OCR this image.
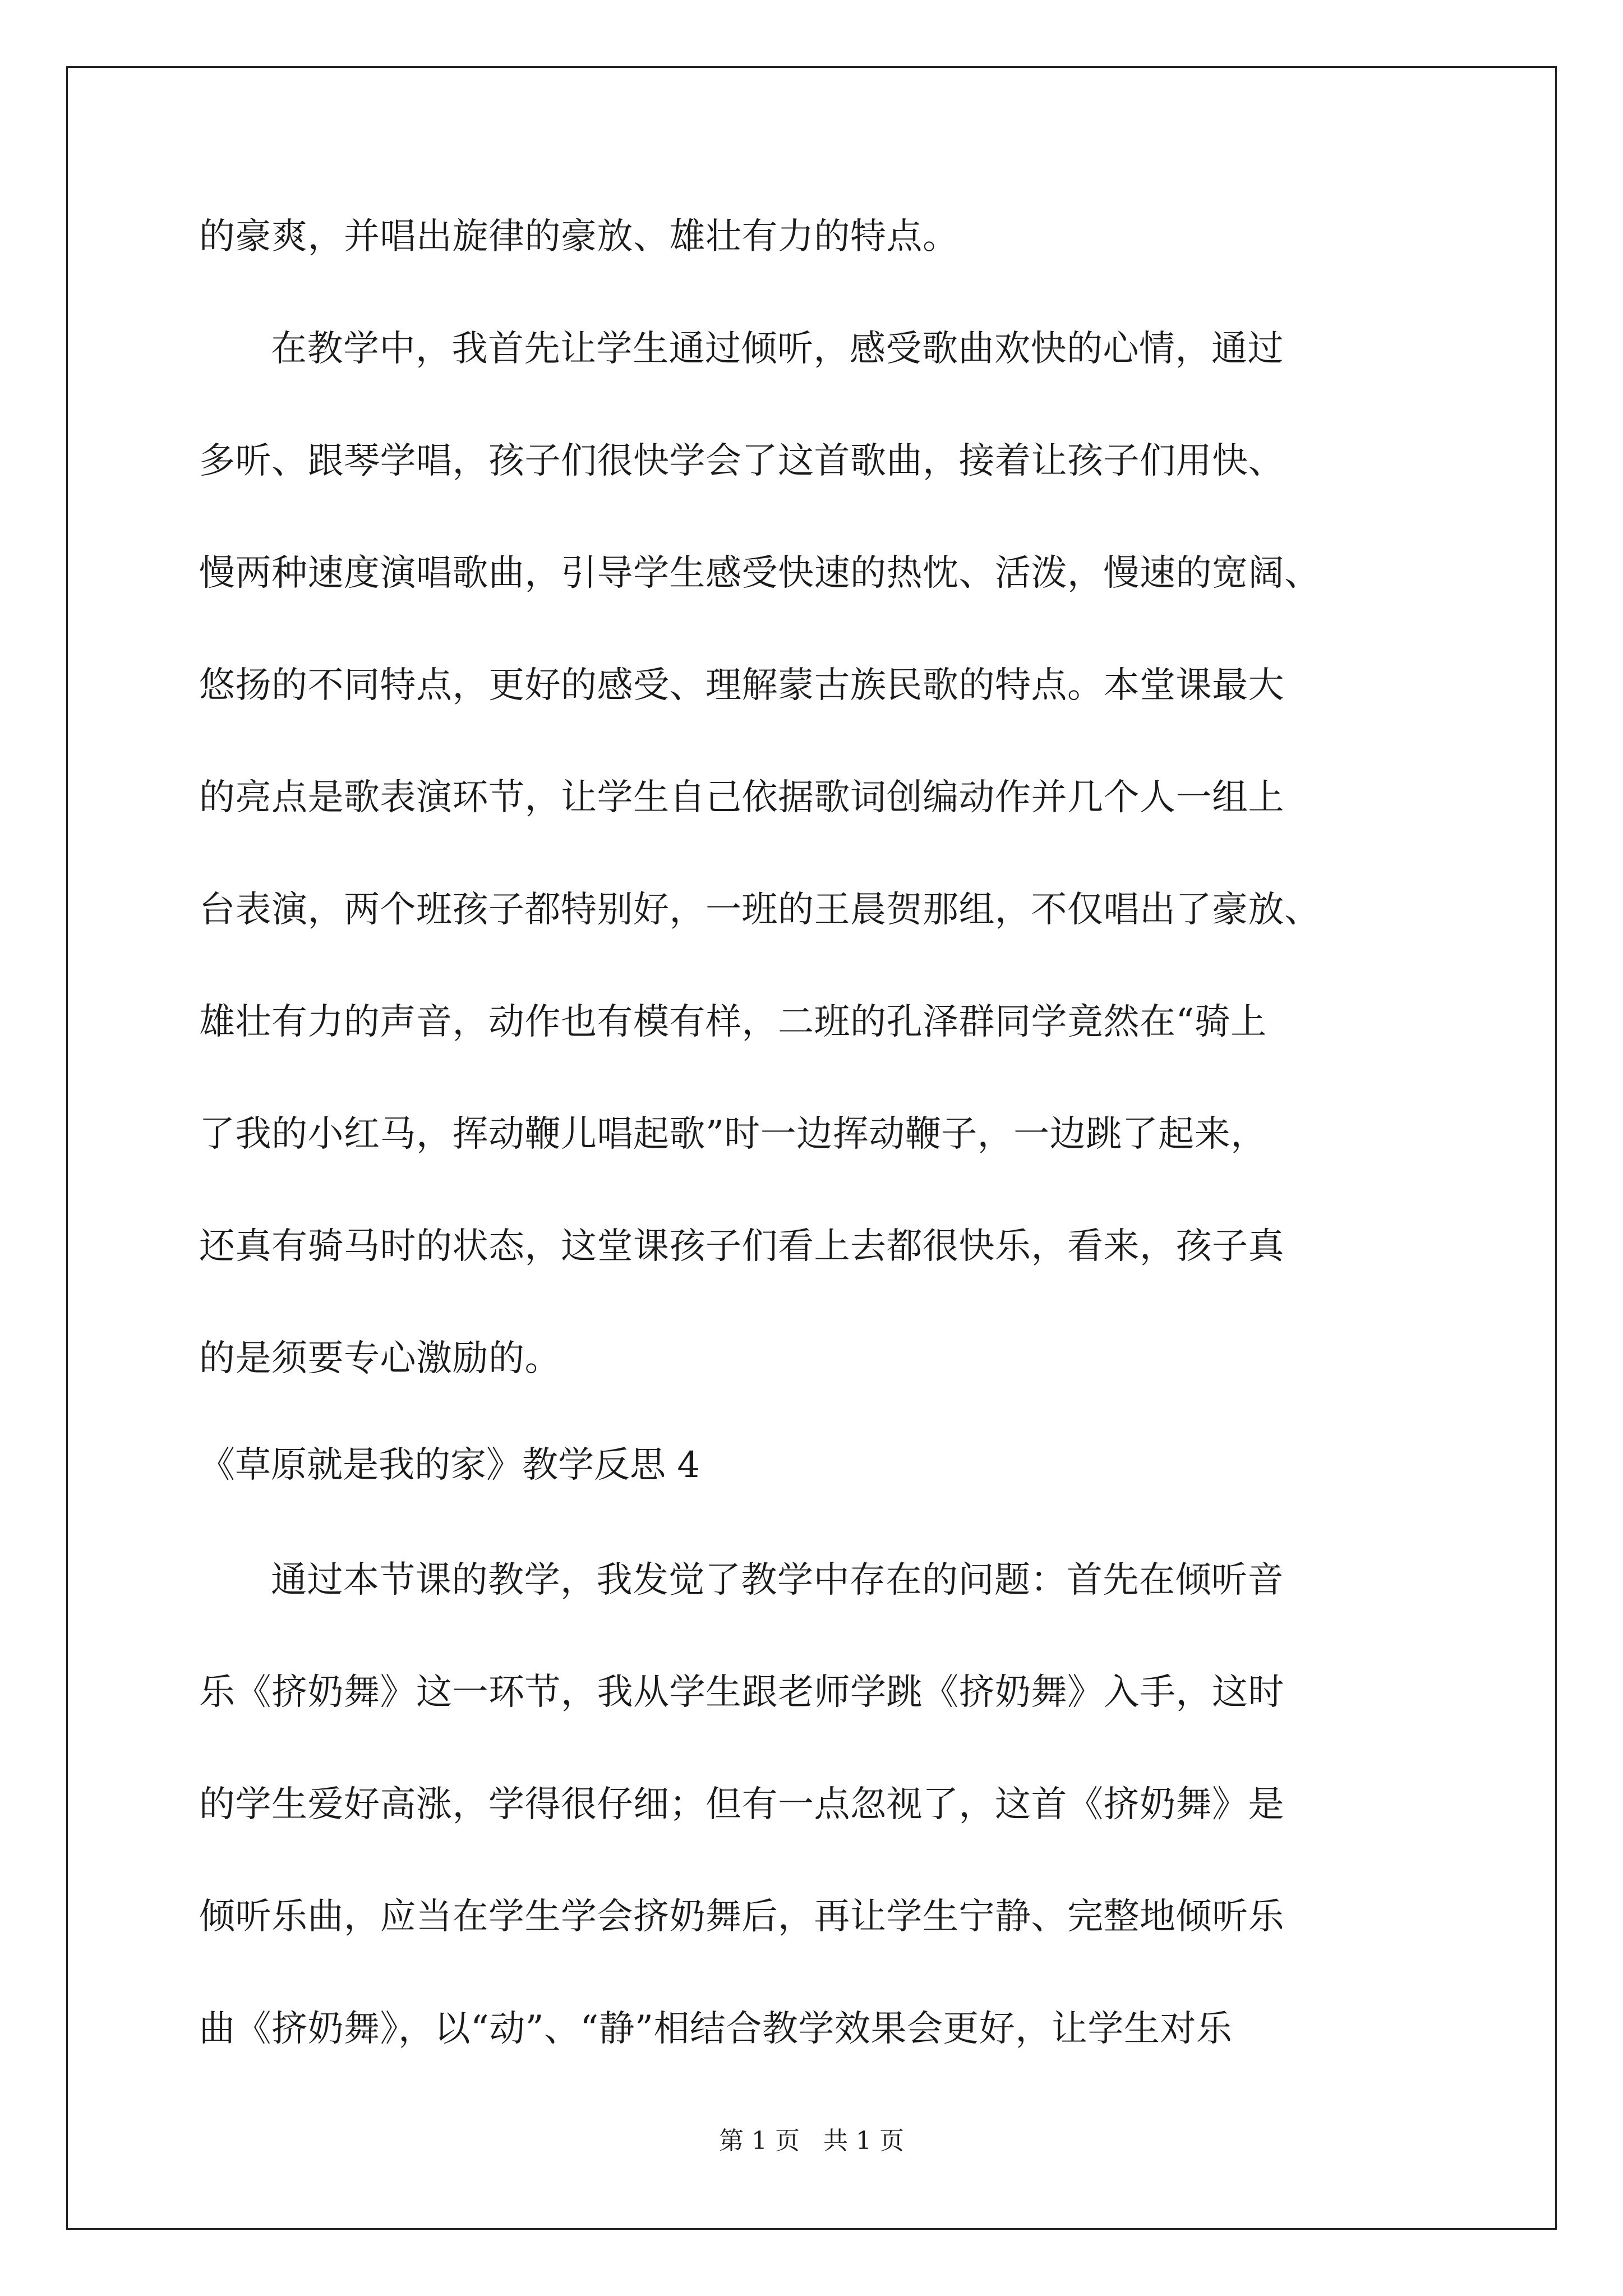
的豪爽，并唱出旋律的豪放、雄壮有力的特点。
在教学中，我首先让学生通过倾听，感受歌曲欢快的心情，通过
多听、跟琴学唱，孩子们很快学会了这首歌曲，接着让孩子们用快、
慢两种速度演唱歌曲，引导学生感受快速的热忱、活泼，慢速的宽阔、
悠扬的不同特点，更好的感受、理解蒙古族民歌的特点。本堂课最大
的亮点是歌表演环节，让学生自己依据歌词创编动作并几个人一组上
台表演，两个班孩子都特别好，一班的王晨贺那组，不仅唱出了豪放、
雄壮有力的声音，动作也有模有样，二班的孔泽群同学竟然在“骑上
了我的小红马，挥动鞭儿唱起歌”时一边挥动鞭子，一边跳了起来，
还真有骑马时的状态，这堂课孩子们看上去都很快乐，看来，孩子真
的是须要专心激励的。
《草原就是我的家》教学反思 4
通过本节课的教学，我发觉了教学中存在的问题：首先在倾听音
乐《挤奶舞》这一环节，我从学生跟老师学跳《挤奶舞》入手，这时
的学生爱好高涨，学得很仔细；但有一点忽视了，这首《挤奶舞》是
倾听乐曲，应当在学生学会挤奶舞后，再让学生宁静、完整地倾听乐
曲《挤奶舞》，以“动”、“静”相结合教学效果会更好，让学生对乐
第 1 页   共 1 页
